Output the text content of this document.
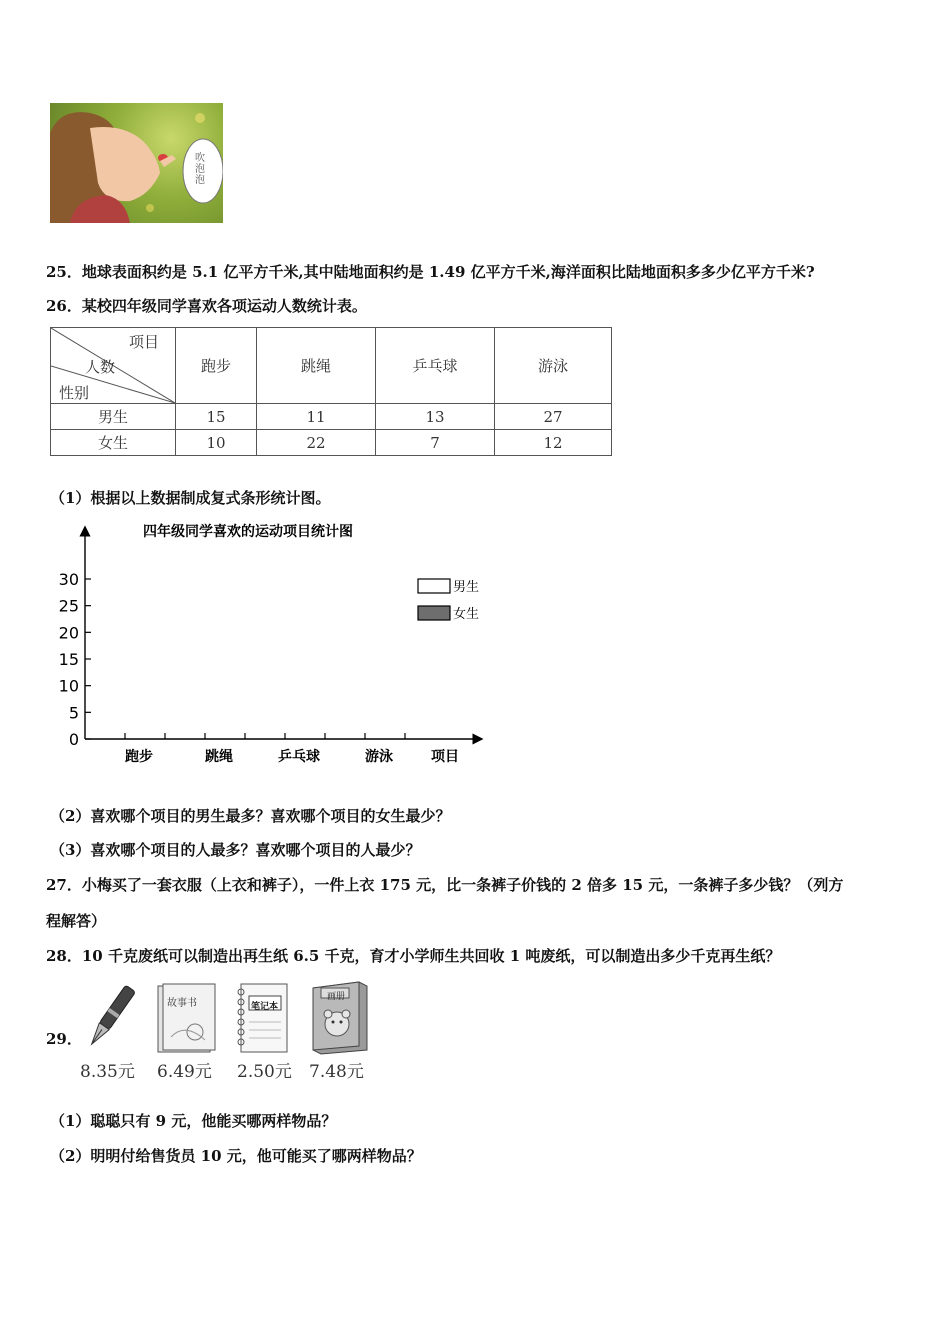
吹泡泡
25．地球表面积约是 5.1 亿平方千米,其中陆地面积约是 1.49 亿平方千米,海洋面积比陆地面积多多少亿平方千米?
26．某校四年级同学喜欢各项运动人数统计表。
项目
人数
性别	跑步	跳绳	乒乓球	游泳
男生	15	11	13	27
女生	10	22	7	12
（1）根据以上数据制成复式条形统计图。
四年级同学喜欢的运动项目统计图
0
5
10
15
20
25
30
跑步	跳绳	乒乓球	游泳	项目
男生
女生
（2）喜欢哪个项目的男生最多？喜欢哪个项目的女生最少？
（3）喜欢哪个项目的人最多？喜欢哪个项目的人最少？
27．小梅买了一套衣服（上衣和裤子），一件上衣 175 元，比一条裤子价钱的 2 倍多 15 元，一条裤子多少钱？（列方
程解答）
28．10 千克废纸可以制造出再生纸 6.5 千克，育才小学师生共回收 1 吨废纸，可以制造出多少千克再生纸？
29．
8.35元
故事书
6.49元
笔记本
2.50元
画册
7.48元
（1）聪聪只有 9 元，他能买哪两样物品？
（2）明明付给售货员 10 元，他可能买了哪两样物品？
